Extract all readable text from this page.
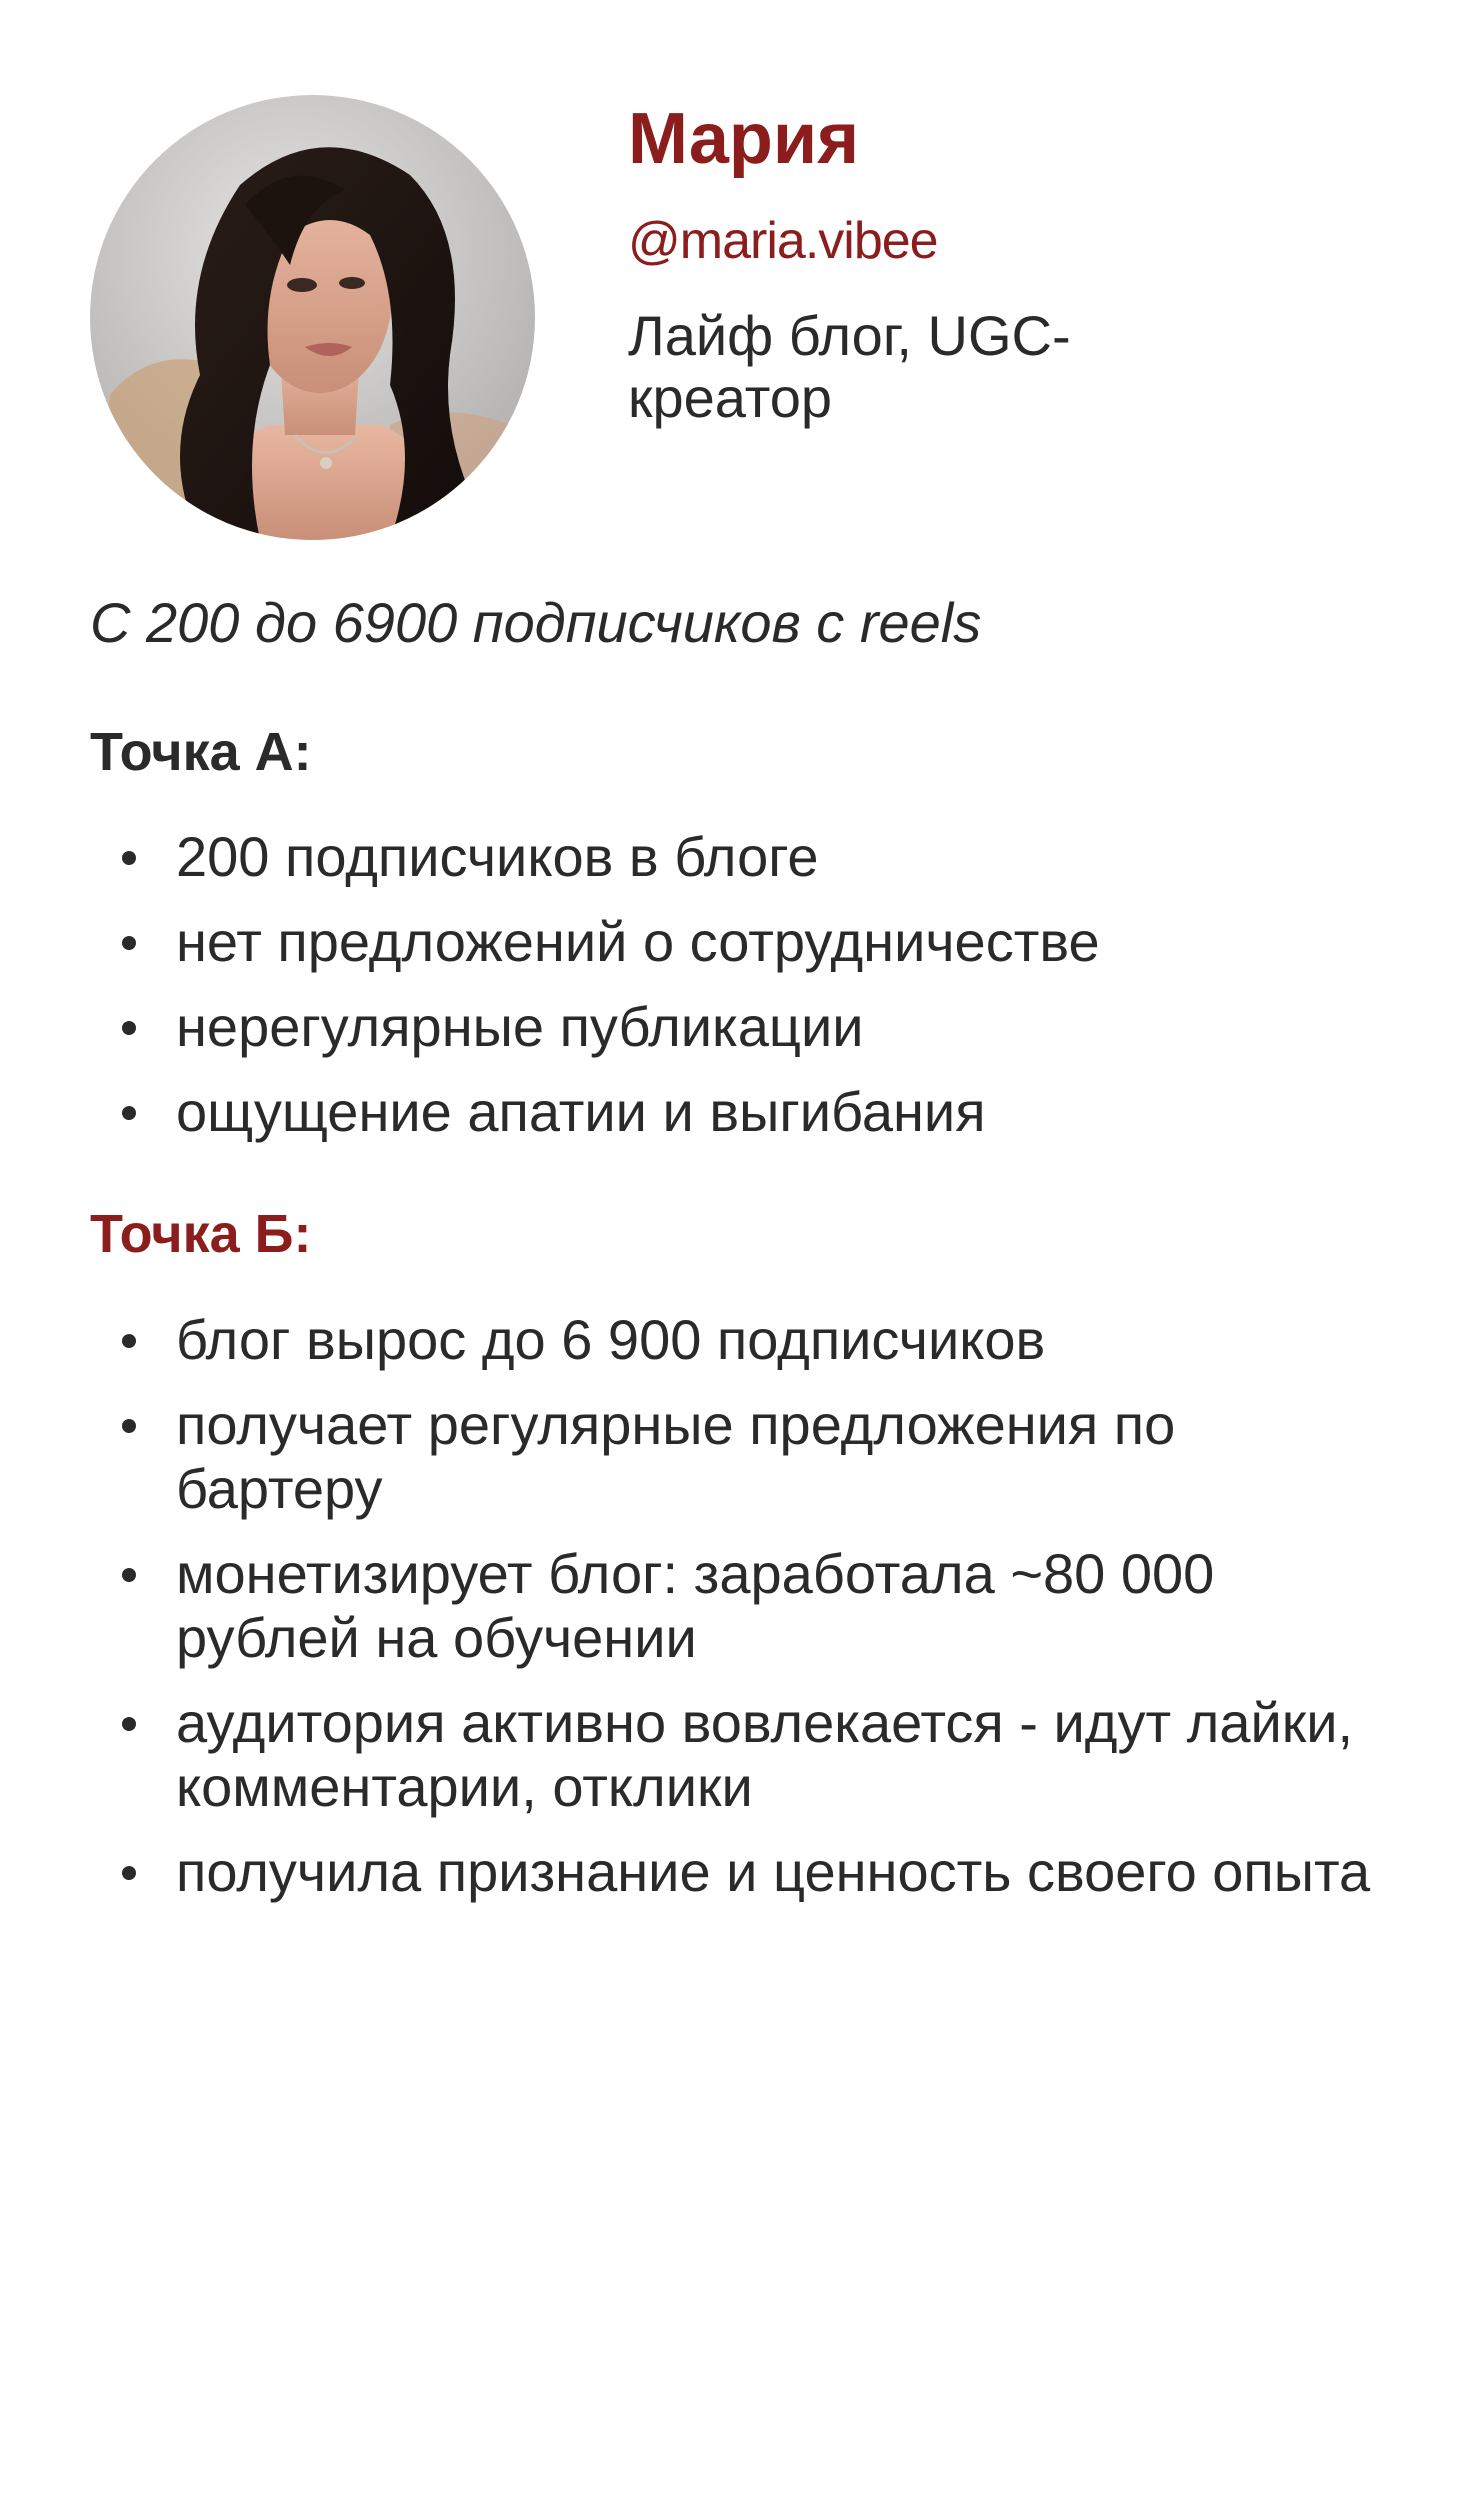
Мария
@maria.vibee
Лайф блог, UGC-креатор
С 200 до 6900 подписчиков с reels
Точка А:
200 подписчиков в блоге
нет предложений о сотрудничестве
нерегулярные публикации
ощущение апатии и выгибания
Точка Б:
блог вырос до 6 900 подписчиков
получает регулярные предложения по бартеру
монетизирует блог: заработала ~80 000 рублей на обучении
аудитория активно вовлекается - идут лайки, комментарии, отклики
получила признание и ценность своего опыта
